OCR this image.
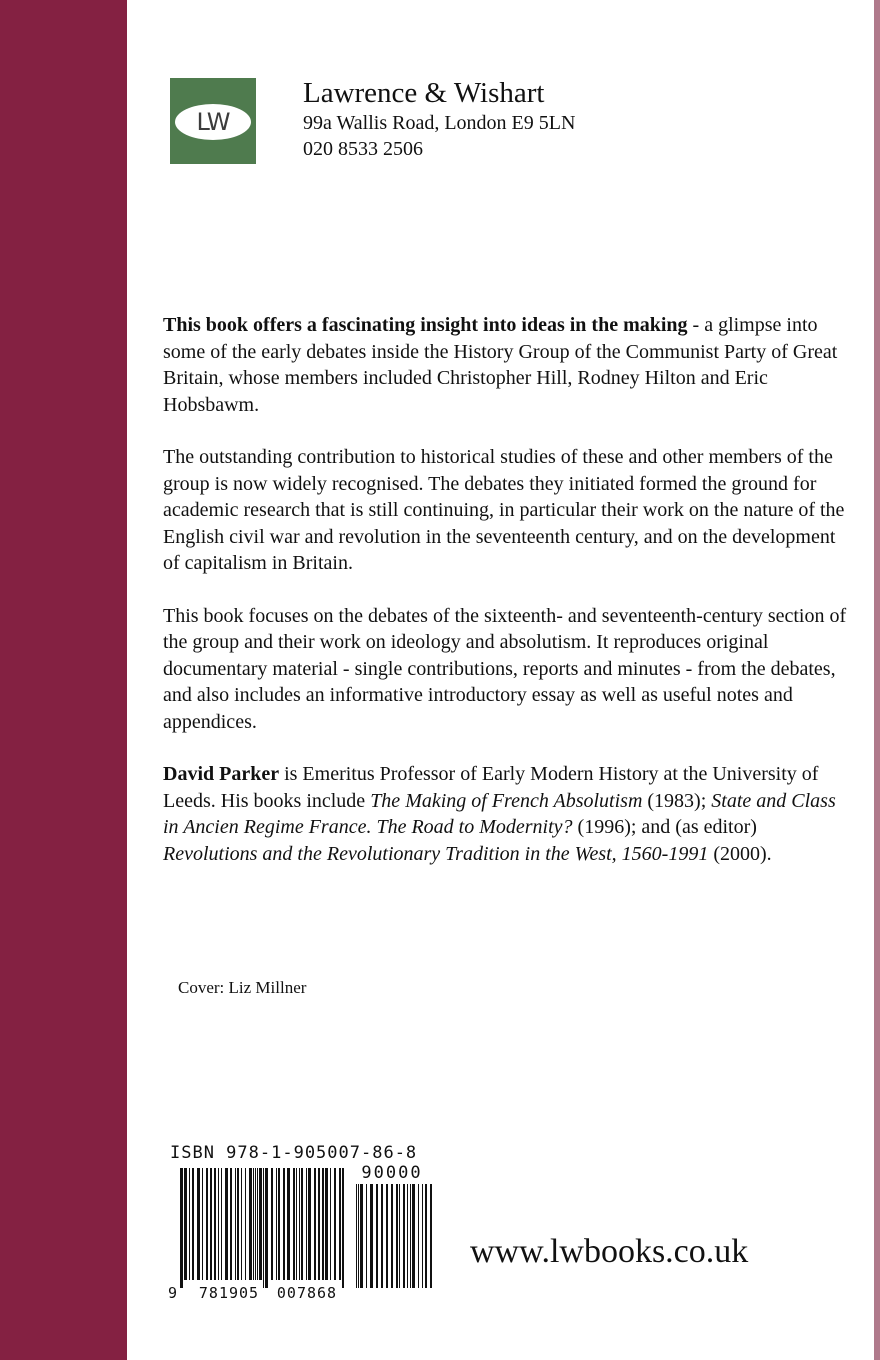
LW
Lawrence & Wishart
99a Wallis Road, London E9 5LN
020 8533 2506

This book offers a fascinating insight into ideas in the making - a glimpse into some of the early debates inside the History Group of the Communist Party of Great Britain, whose members included Christopher Hill, Rodney Hilton and Eric Hobsbawm.

The outstanding contribution to historical studies of these and other members of the group is now widely recognised. The debates they initiated formed the ground for academic research that is still continuing, in particular their work on the nature of the English civil war and revolution in the seventeenth century, and on the development of capitalism in Britain.

This book focuses on the debates of the sixteenth- and seventeenth-century section of the group and their work on ideology and absolutism. It reproduces original documentary material - single contributions, reports and minutes - from the debates, and also includes an informative introductory essay as well as useful notes and appendices.

David Parker is Emeritus Professor of Early Modern History at the University of Leeds. His books include The Making of French Absolutism (1983); State and Class in Ancien Regime France. The Road to Modernity? (1996); and (as editor) Revolutions and the Revolutionary Tradition in the West, 1560-1991 (2000).

Cover: Liz Millner
ISBN 978-1-905007-86-8
90000
9 781905 007868
www.lwbooks.co.uk
